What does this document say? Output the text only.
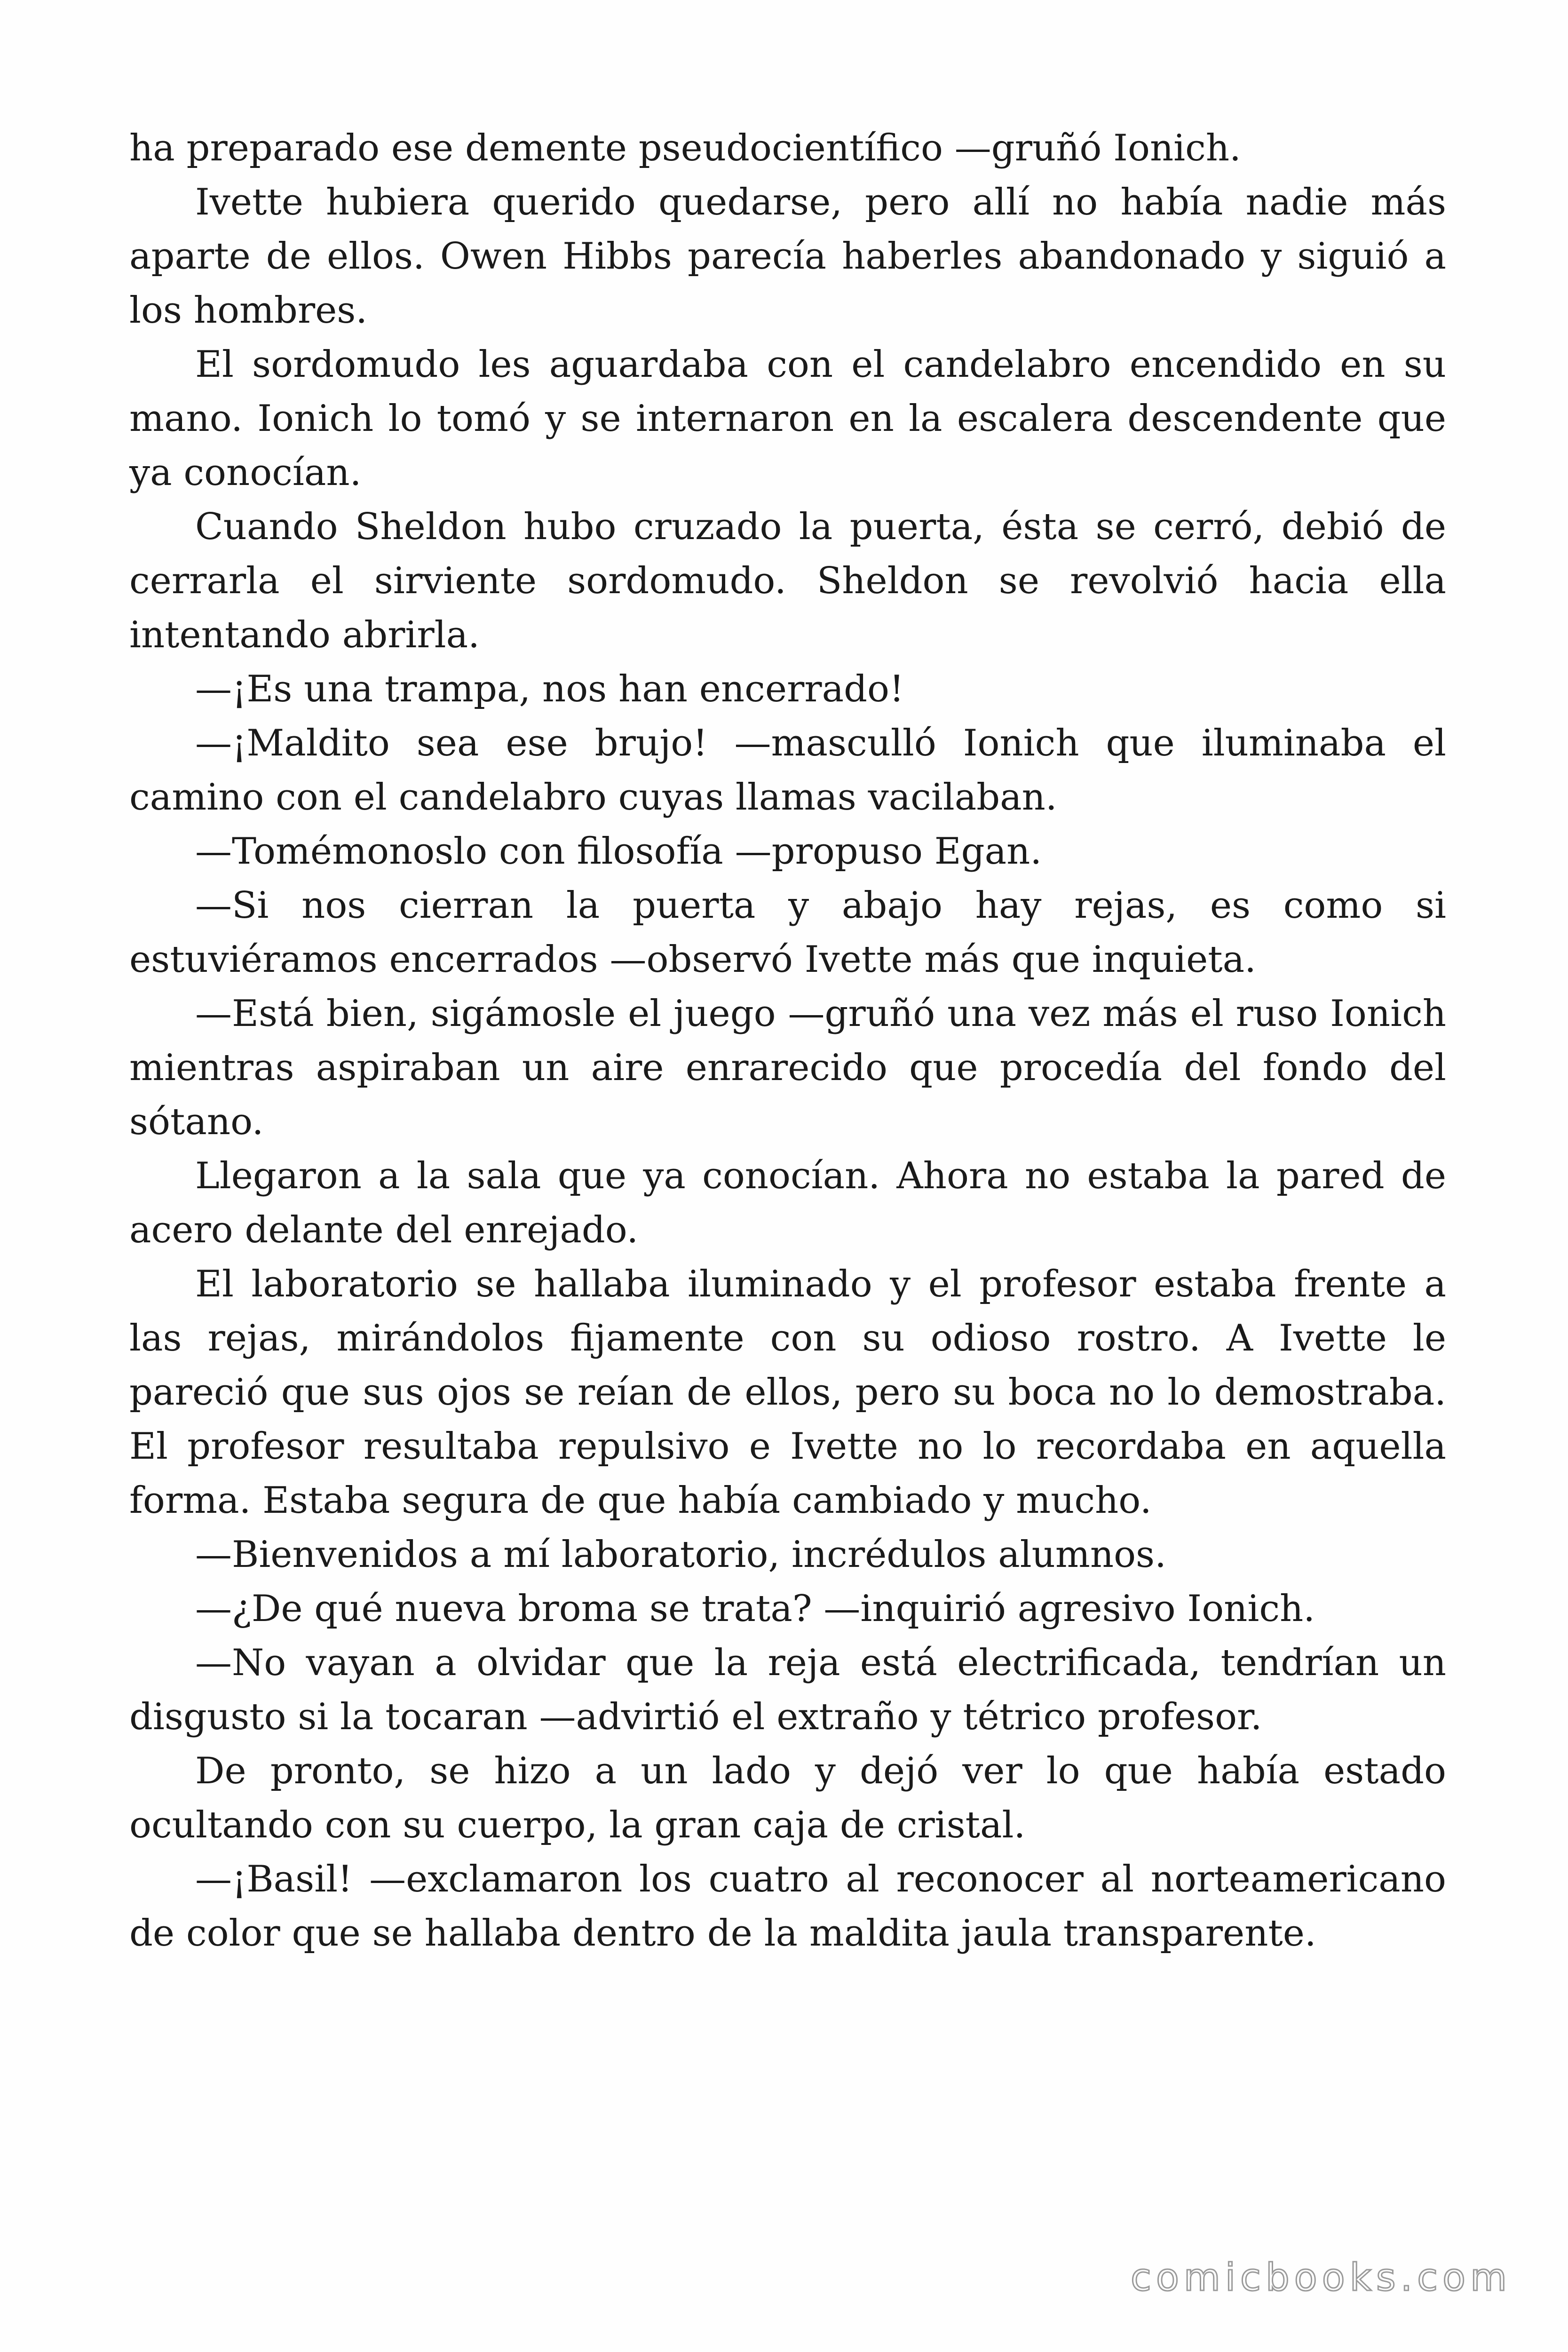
ha preparado ese demente pseudocientífico —gruñó Ionich.

Ivette hubiera querido quedarse, pero allí no había nadie más aparte de ellos. Owen Hibbs parecía haberles abandonado y siguió a los hombres.

El sordomudo les aguardaba con el candelabro encendido en su mano. Ionich lo tomó y se internaron en la escalera descendente que ya conocían.

Cuando Sheldon hubo cruzado la puerta, ésta se cerró, debió de cerrarla el sirviente sordomudo. Sheldon se revolvió hacia ella intentando abrirla.

—¡Es una trampa, nos han encerrado!

—¡Maldito sea ese brujo! —masculló Ionich que iluminaba el camino con el candelabro cuyas llamas vacilaban.

—Tomémonoslo con filosofía —propuso Egan.

—Si nos cierran la puerta y abajo hay rejas, es como si estuviéramos encerrados —observó Ivette más que inquieta.

—Está bien, sigámosle el juego —gruñó una vez más el ruso Ionich mientras aspiraban un aire enrarecido que procedía del fondo del sótano.

Llegaron a la sala que ya conocían. Ahora no estaba la pared de acero delante del enrejado.

El laboratorio se hallaba iluminado y el profesor estaba frente a las rejas, mirándolos fijamente con su odioso rostro. A Ivette le pareció que sus ojos se reían de ellos, pero su boca no lo demostraba. El profesor resultaba repulsivo e Ivette no lo recordaba en aquella forma. Estaba segura de que había cambiado y mucho.

—Bienvenidos a mí laboratorio, incrédulos alumnos.

—¿De qué nueva broma se trata? —inquirió agresivo Ionich.

—No vayan a olvidar que la reja está electrificada, tendrían un disgusto si la tocaran —advirtió el extraño y tétrico profesor.

De pronto, se hizo a un lado y dejó ver lo que había estado ocultando con su cuerpo, la gran caja de cristal.

—¡Basil! —exclamaron los cuatro al reconocer al norteamericano de color que se hallaba dentro de la maldita jaula transparente.

comicbooks.com
